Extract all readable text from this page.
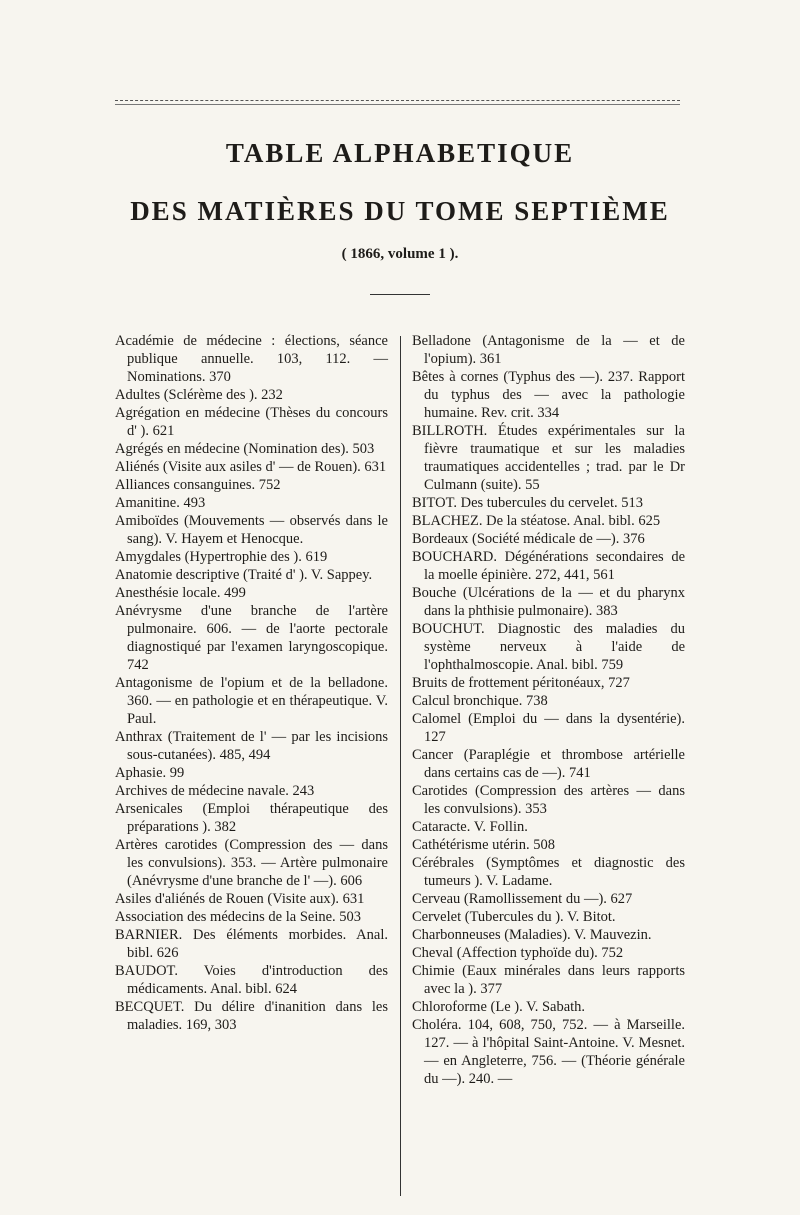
TABLE ALPHABETIQUE
DES MATIÈRES DU TOME SEPTIÈME
( 1866, volume 1 ).

Académie de médecine : élections, séance publique annuelle. 103, 112. — Nominations. 370

Adultes (Sclérème des ). 232

Agrégation en médecine (Thèses du concours d' ). 621

Agrégés en médecine (Nomination des). 503

Aliénés (Visite aux asiles d' — de Rouen). 631

Alliances consanguines. 752

Amanitine. 493

Amiboïdes (Mouvements — observés dans le sang). V. Hayem et Henocque.

Amygdales (Hypertrophie des ). 619

Anatomie descriptive (Traité d' ). V. Sappey.

Anesthésie locale. 499

Anévrysme d'une branche de l'artère pulmonaire. 606. — de l'aorte pectorale diagnostiqué par l'examen laryngoscopique. 742

Antagonisme de l'opium et de la belladone. 360. — en pathologie et en thérapeutique. V. Paul.

Anthrax (Traitement de l' — par les incisions sous-cutanées). 485, 494

Aphasie. 99

Archives de médecine navale. 243

Arsenicales (Emploi thérapeutique des préparations ). 382

Artères carotides (Compression des — dans les convulsions). 353. — Artère pulmonaire (Anévrysme d'une branche de l' —). 606

Asiles d'aliénés de Rouen (Visite aux). 631

Association des médecins de la Seine. 503

BARNIER. Des éléments morbides. Anal. bibl. 626

BAUDOT. Voies d'introduction des médicaments. Anal. bibl. 624

BECQUET. Du délire d'inanition dans les maladies. 169, 303

Belladone (Antagonisme de la — et de l'opium). 361

Bêtes à cornes (Typhus des —). 237. Rapport du typhus des — avec la pathologie humaine. Rev. crit. 334

BILLROTH. Études expérimentales sur la fièvre traumatique et sur les maladies traumatiques accidentelles ; trad. par le Dr Culmann (suite). 55

BITOT. Des tubercules du cervelet. 513

BLACHEZ. De la stéatose. Anal. bibl. 625

Bordeaux (Société médicale de —). 376

BOUCHARD. Dégénérations secondaires de la moelle épinière. 272, 441, 561

Bouche (Ulcérations de la — et du pharynx dans la phthisie pulmonaire). 383

BOUCHUT. Diagnostic des maladies du système nerveux à l'aide de l'ophthalmoscopie. Anal. bibl. 759

Bruits de frottement péritonéaux, 727

Calcul bronchique. 738

Calomel (Emploi du — dans la dysentérie). 127

Cancer (Paraplégie et thrombose artérielle dans certains cas de —). 741

Carotides (Compression des artères — dans les convulsions). 353

Cataracte. V. Follin.

Cathétérisme utérin. 508

Cérébrales (Symptômes et diagnostic des tumeurs ). V. Ladame.

Cerveau (Ramollissement du —). 627

Cervelet (Tubercules du ). V. Bitot.

Charbonneuses (Maladies). V. Mauvezin.

Cheval (Affection typhoïde du). 752

Chimie (Eaux minérales dans leurs rapports avec la ). 377

Chloroforme (Le ). V. Sabath.

Choléra. 104, 608, 750, 752. — à Marseille. 127. — à l'hôpital Saint-Antoine. V. Mesnet. — en Angleterre, 756. — (Théorie générale du —). 240. —
